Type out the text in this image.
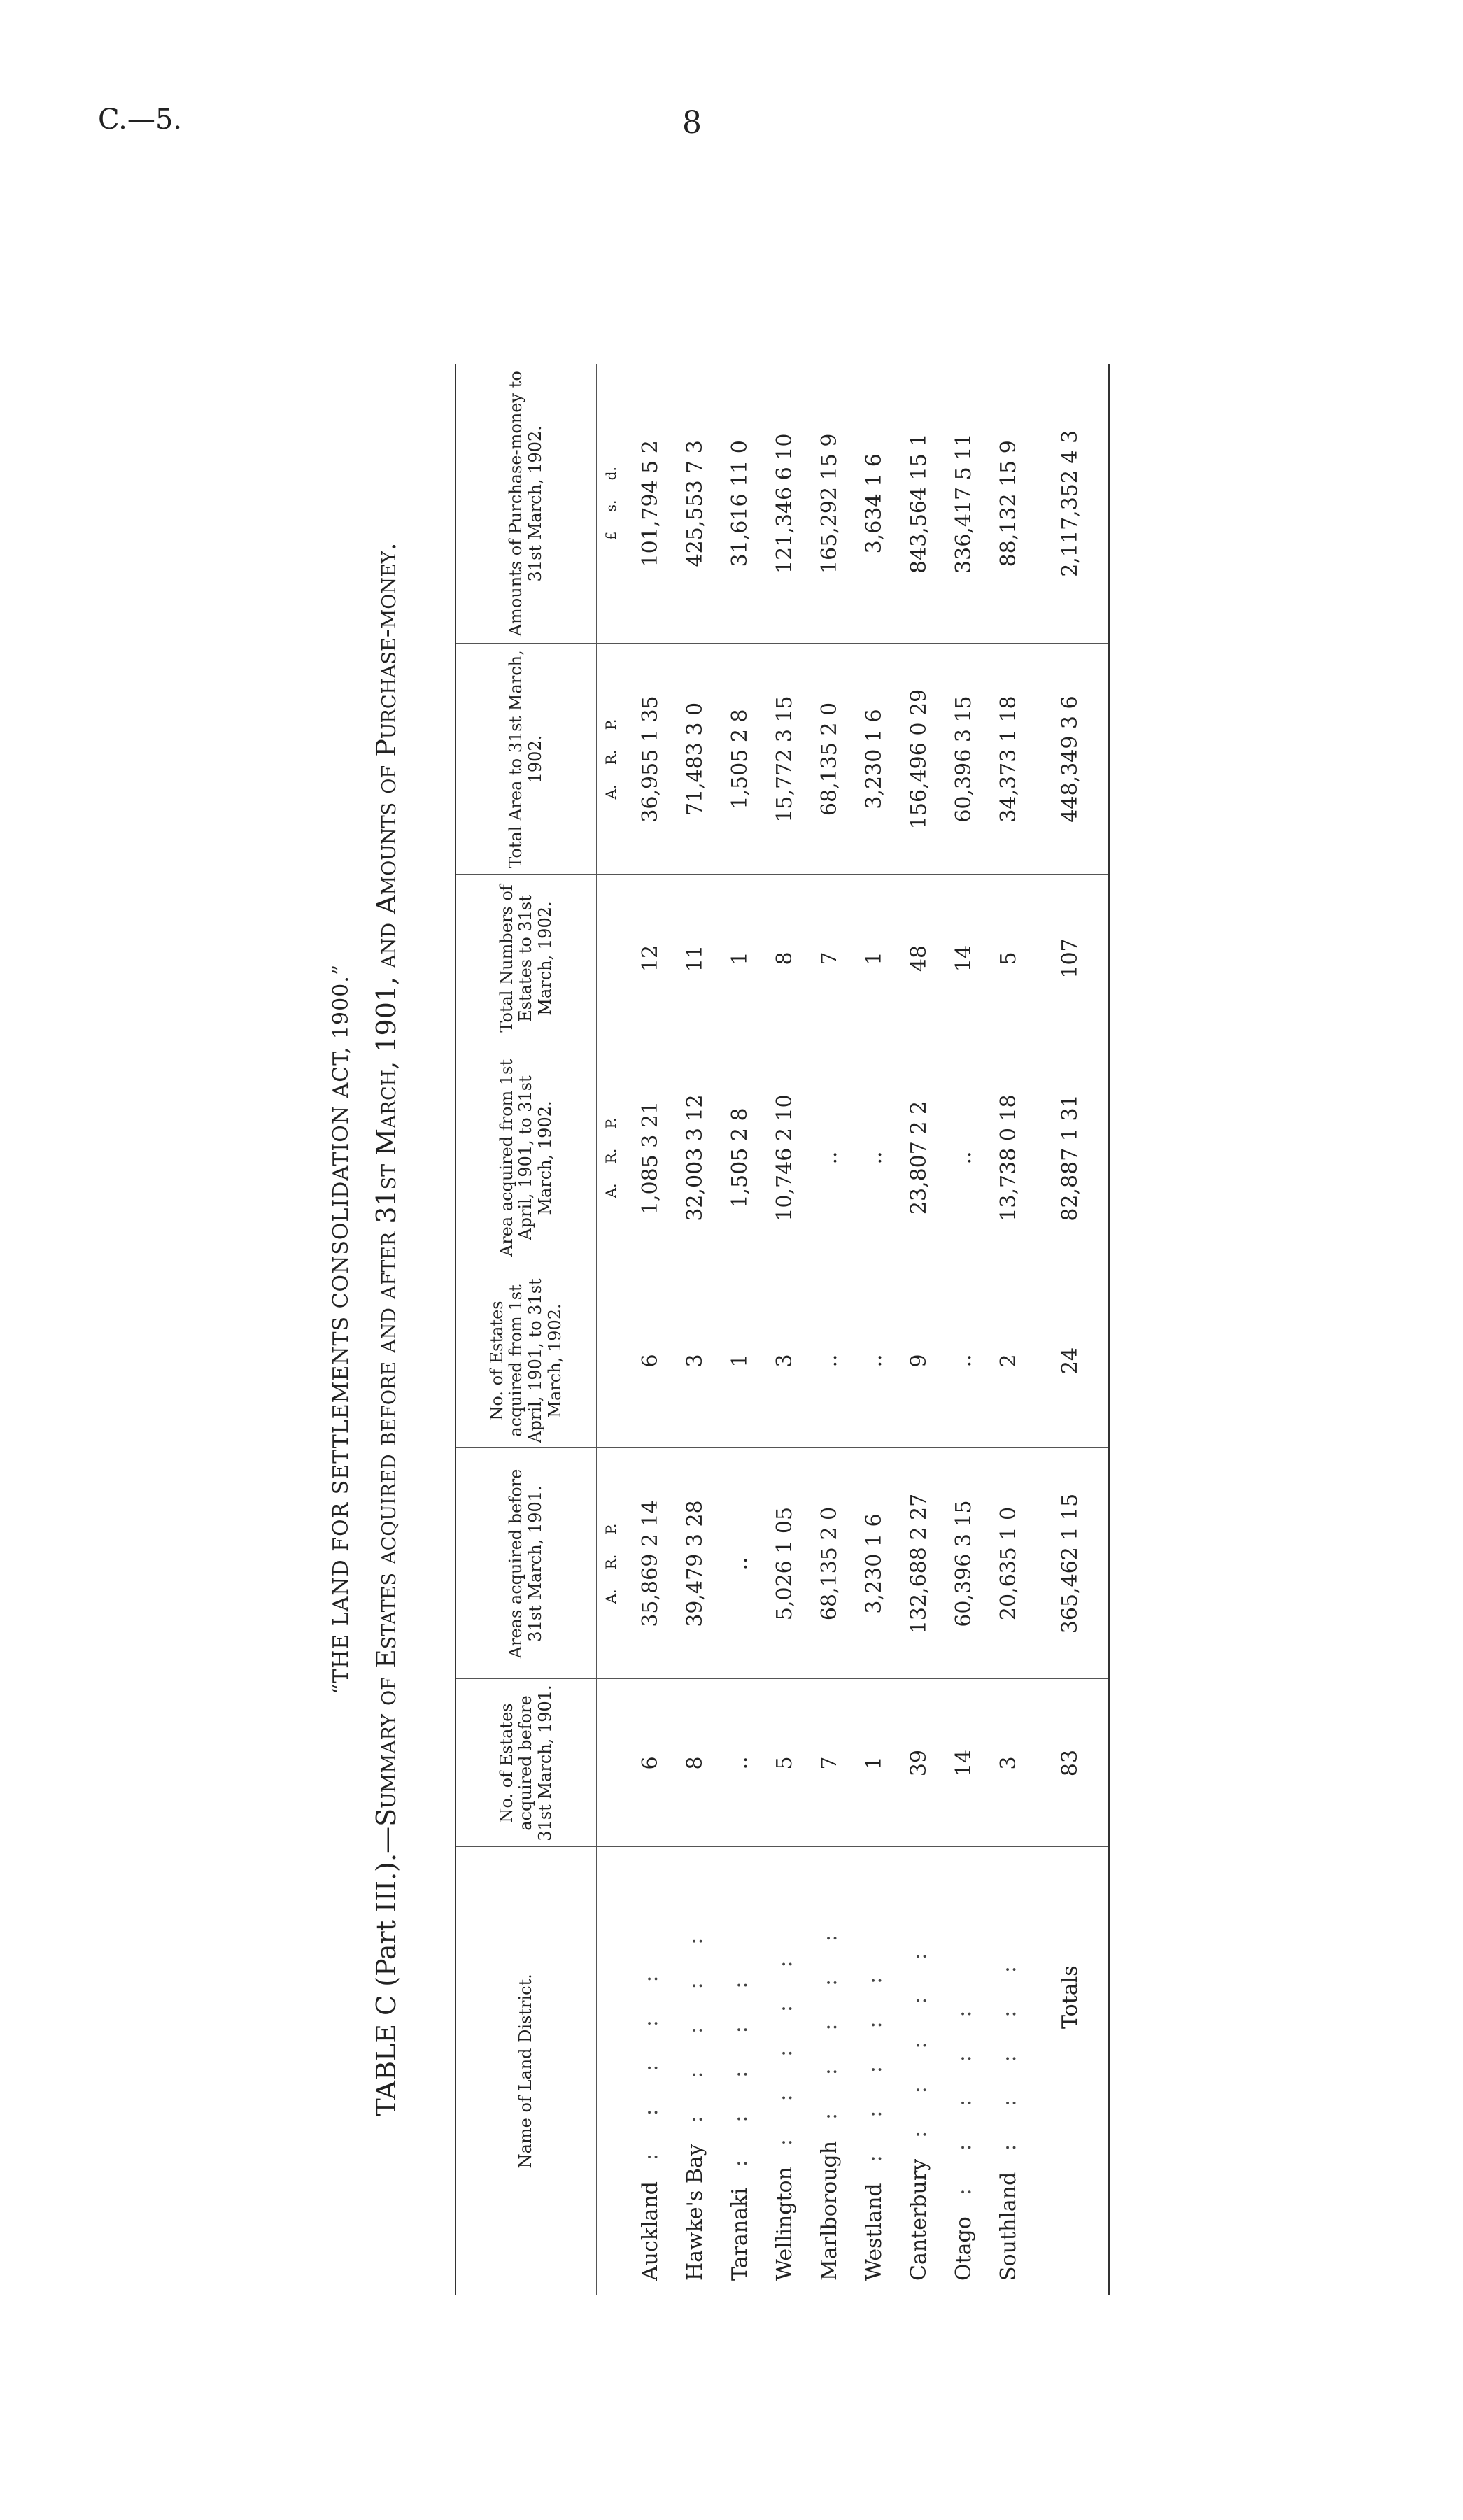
C.—5.	8
“THE LAND FOR SETTLEMENTS CONSOLIDATION ACT, 1900.”
TABLE C (Part III.).—Summary of Estates acquired before and after 31st March, 1901, and Amounts of Purchase-money.
Name of Land District.	No. of Estates acquired before 31st March, 1901.	Areas acquired before 31st March, 1901.	No. of Estates acquired from 1st April, 1901, to 31st March, 1902.	Area acquired from 1st April, 1901, to 31st March, 1902.	Total Numbers of Estates to 31st March, 1902.	Total Area to 31st March, 1902.	Amounts of Purchase-money to 31st March, 1902.
		A. R. P.		A. R. P.		A. R. P.	£ s. d.
Auckland: : : : :	6	35,869 2 14	6	1,085 3 21	12	36,955 1 35	101,794 5 2
Hawke's Bay: : : : :	8	39,479 3 28	3	32,003 3 12	11	71,483 3 0	425,553 7 3
Taranaki: : : : :	..	..	1	1,505 2 8	1	1,505 2 8	31,616 11 0
Wellington: : : : :	5	5,026 1 05	3	10,746 2 10	8	15,772 3 15	121,346 6 10
Marlborough: : : : :	7	68,135 2 0	..	..	7	68,135 2 0	165,292 15 9
Westland: : : : :	1	3,230 1 6	..	..	1	3,230 1 6	3,634 1 6
Canterbury: : : : :	39	132,688 2 27	9	23,807 2 2	48	156,496 0 29	843,564 15 1
Otago: : : : :	14	60,396 3 15	..	..	14	60,396 3 15	336,417 5 11
Southland: : : : :	3	20,635 1 0	2	13,738 0 18	5	34,373 1 18	88,132 15 9
Totals	83	365,462 1 15	24	82,887 1 31	107	448,349 3 6	2,117,352 4 3
